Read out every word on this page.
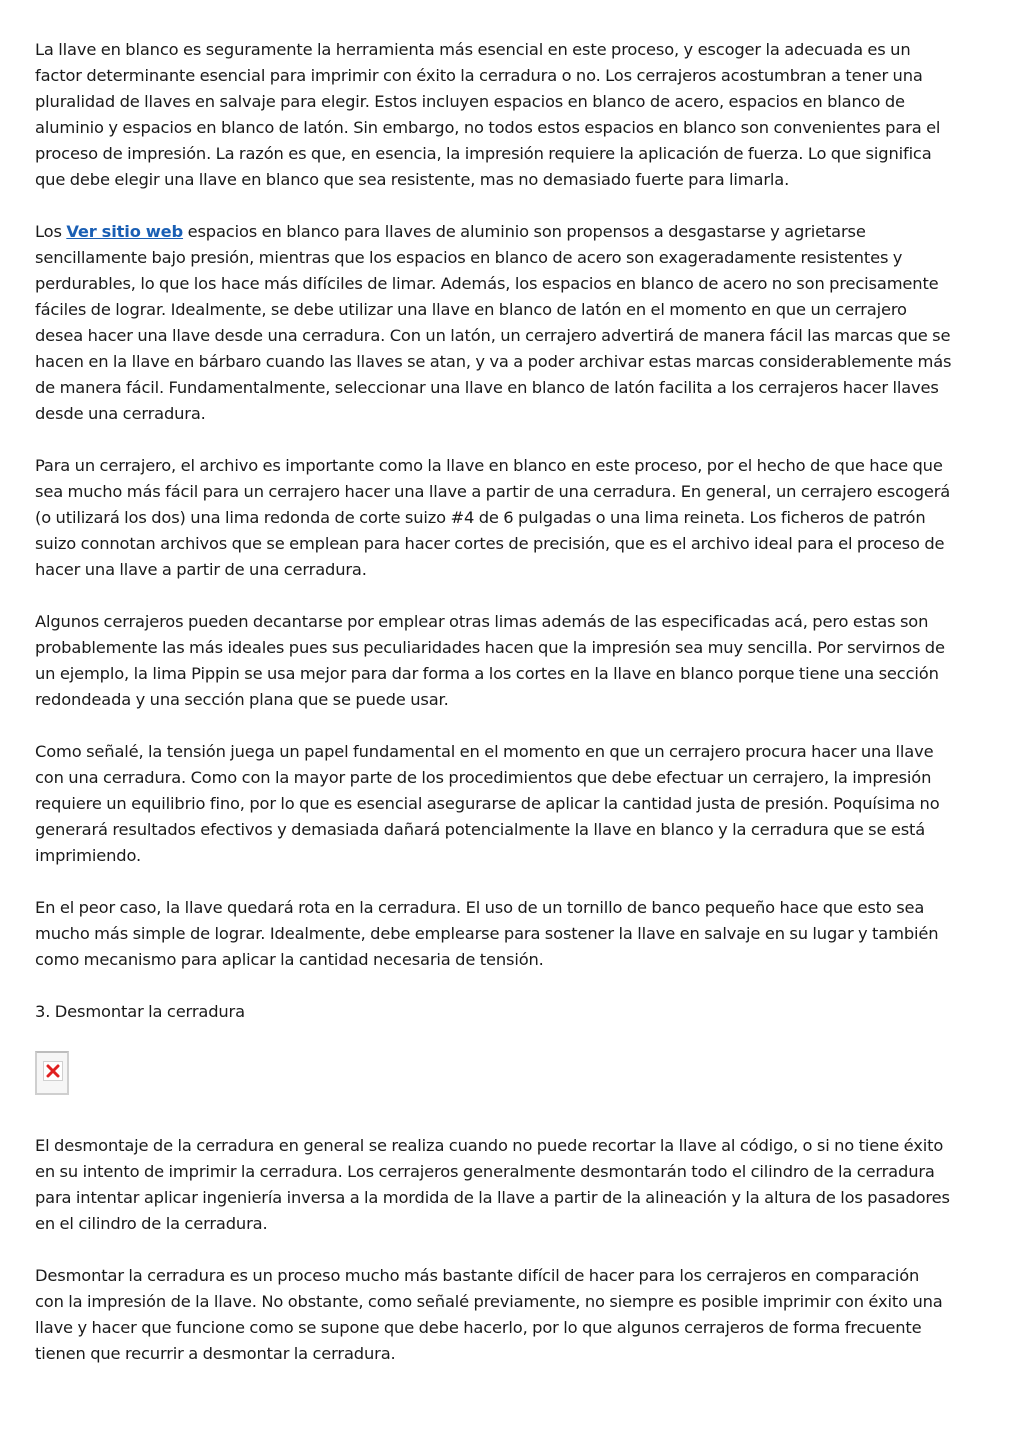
La llave en blanco es seguramente la herramienta más esencial en este proceso, y escoger la adecuada es un
factor determinante esencial para imprimir con éxito la cerradura o no. Los cerrajeros acostumbran a tener una
pluralidad de llaves en salvaje para elegir. Estos incluyen espacios en blanco de acero, espacios en blanco de
aluminio y espacios en blanco de latón. Sin embargo, no todos estos espacios en blanco son convenientes para el
proceso de impresión. La razón es que, en esencia, la impresión requiere la aplicación de fuerza. Lo que significa
que debe elegir una llave en blanco que sea resistente, mas no demasiado fuerte para limarla.

Los Ver sitio web espacios en blanco para llaves de aluminio son propensos a desgastarse y agrietarse
sencillamente bajo presión, mientras que los espacios en blanco de acero son exageradamente resistentes y
perdurables, lo que los hace más difíciles de limar. Además, los espacios en blanco de acero no son precisamente
fáciles de lograr. Idealmente, se debe utilizar una llave en blanco de latón en el momento en que un cerrajero
desea hacer una llave desde una cerradura. Con un latón, un cerrajero advertirá de manera fácil las marcas que se
hacen en la llave en bárbaro cuando las llaves se atan, y va a poder archivar estas marcas considerablemente más
de manera fácil. Fundamentalmente, seleccionar una llave en blanco de latón facilita a los cerrajeros hacer llaves
desde una cerradura.

Para un cerrajero, el archivo es importante como la llave en blanco en este proceso, por el hecho de que hace que
sea mucho más fácil para un cerrajero hacer una llave a partir de una cerradura. En general, un cerrajero escogerá
(o utilizará los dos) una lima redonda de corte suizo #4 de 6 pulgadas o una lima reineta. Los ficheros de patrón
suizo connotan archivos que se emplean para hacer cortes de precisión, que es el archivo ideal para el proceso de
hacer una llave a partir de una cerradura.

Algunos cerrajeros pueden decantarse por emplear otras limas además de las especificadas acá, pero estas son
probablemente las más ideales pues sus peculiaridades hacen que la impresión sea muy sencilla. Por servirnos de
un ejemplo, la lima Pippin se usa mejor para dar forma a los cortes en la llave en blanco porque tiene una sección
redondeada y una sección plana que se puede usar.

Como señalé, la tensión juega un papel fundamental en el momento en que un cerrajero procura hacer una llave
con una cerradura. Como con la mayor parte de los procedimientos que debe efectuar un cerrajero, la impresión
requiere un equilibrio fino, por lo que es esencial asegurarse de aplicar la cantidad justa de presión. Poquísima no
generará resultados efectivos y demasiada dañará potencialmente la llave en blanco y la cerradura que se está
imprimiendo.

En el peor caso, la llave quedará rota en la cerradura. El uso de un tornillo de banco pequeño hace que esto sea
mucho más simple de lograr. Idealmente, debe emplearse para sostener la llave en salvaje en su lugar y también
como mecanismo para aplicar la cantidad necesaria de tensión.

3. Desmontar la cerradura

El desmontaje de la cerradura en general se realiza cuando no puede recortar la llave al código, o si no tiene éxito
en su intento de imprimir la cerradura. Los cerrajeros generalmente desmontarán todo el cilindro de la cerradura
para intentar aplicar ingeniería inversa a la mordida de la llave a partir de la alineación y la altura de los pasadores
en el cilindro de la cerradura.

Desmontar la cerradura es un proceso mucho más bastante difícil de hacer para los cerrajeros en comparación
con la impresión de la llave. No obstante, como señalé previamente, no siempre es posible imprimir con éxito una
llave y hacer que funcione como se supone que debe hacerlo, por lo que algunos cerrajeros de forma frecuente
tienen que recurrir a desmontar la cerradura.
